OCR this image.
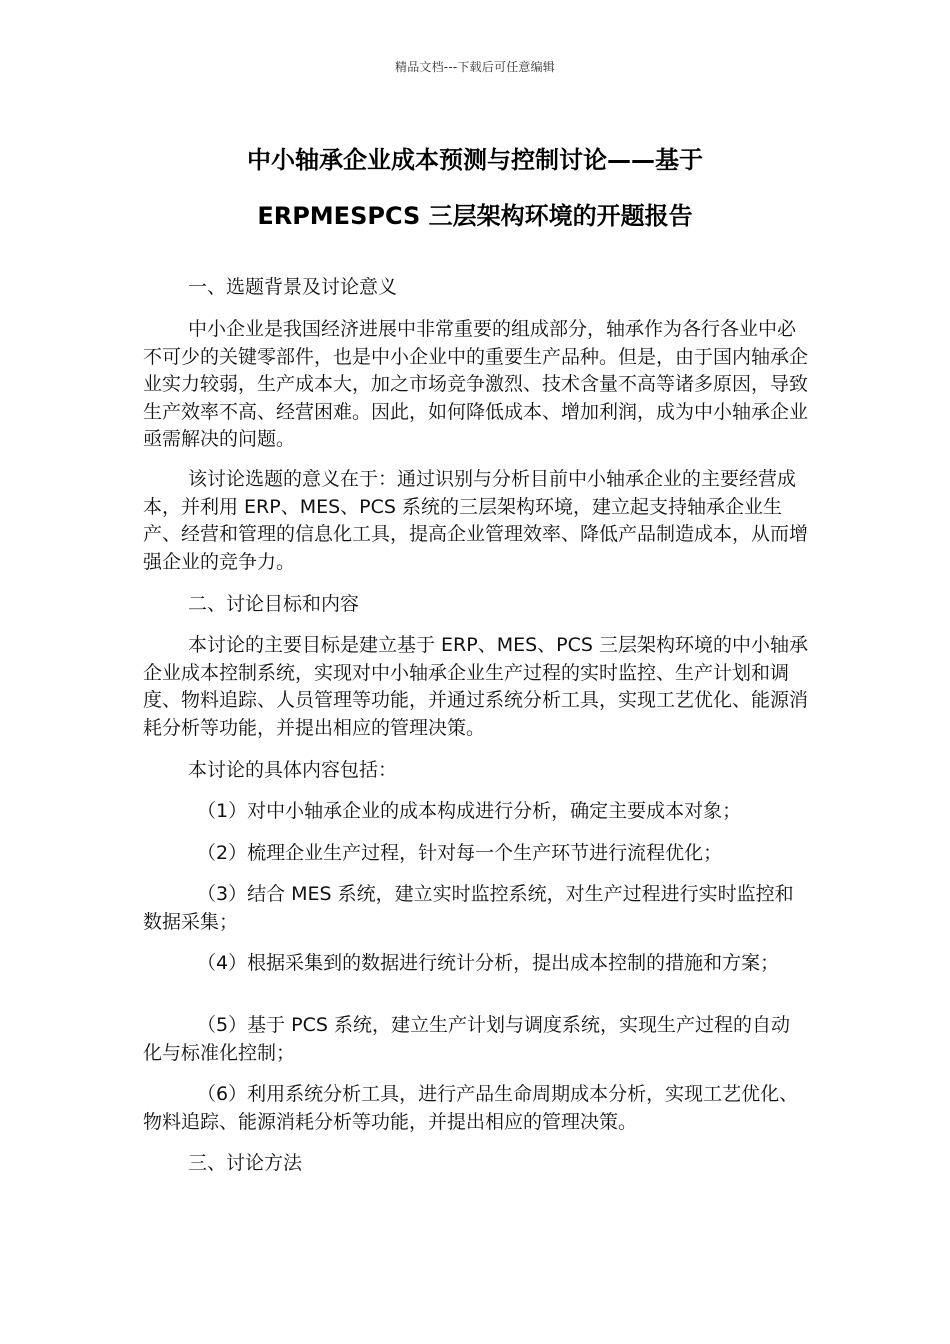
精品文档---下载后可任意编辑
中小轴承企业成本预测与控制讨论——基于
ERPMESPCS 三层架构环境的开题报告
一、选题背景及讨论意义

中小企业是我国经济进展中非常重要的组成部分，轴承作为各行各业中必不可少的关键零部件，也是中小企业中的重要生产品种。但是，由于国内轴承企业实力较弱，生产成本大，加之市场竞争激烈、技术含量不高等诸多原因，导致生产效率不高、经营困难。因此，如何降低成本、增加利润，成为中小轴承企业亟需解决的问题。

该讨论选题的意义在于：通过识别与分析目前中小轴承企业的主要经营成本，并利用 ERP、MES、PCS 系统的三层架构环境，建立起支持轴承企业生产、经营和管理的信息化工具，提高企业管理效率、降低产品制造成本，从而增强企业的竞争力。

二、讨论目标和内容

本讨论的主要目标是建立基于 ERP、MES、PCS 三层架构环境的中小轴承企业成本控制系统，实现对中小轴承企业生产过程的实时监控、生产计划和调度、物料追踪、人员管理等功能，并通过系统分析工具，实现工艺优化、能源消耗分析等功能，并提出相应的管理决策。

本讨论的具体内容包括：

（1）对中小轴承企业的成本构成进行分析，确定主要成本对象；

（2）梳理企业生产过程，针对每一个生产环节进行流程优化；

（3）结合 MES 系统，建立实时监控系统，对生产过程进行实时监控和数据采集；

（4）根据采集到的数据进行统计分析，提出成本控制的措施和方案；

（5）基于 PCS 系统，建立生产计划与调度系统，实现生产过程的自动化与标准化控制；

（6）利用系统分析工具，进行产品生命周期成本分析，实现工艺优化、物料追踪、能源消耗分析等功能，并提出相应的管理决策。

三、讨论方法
